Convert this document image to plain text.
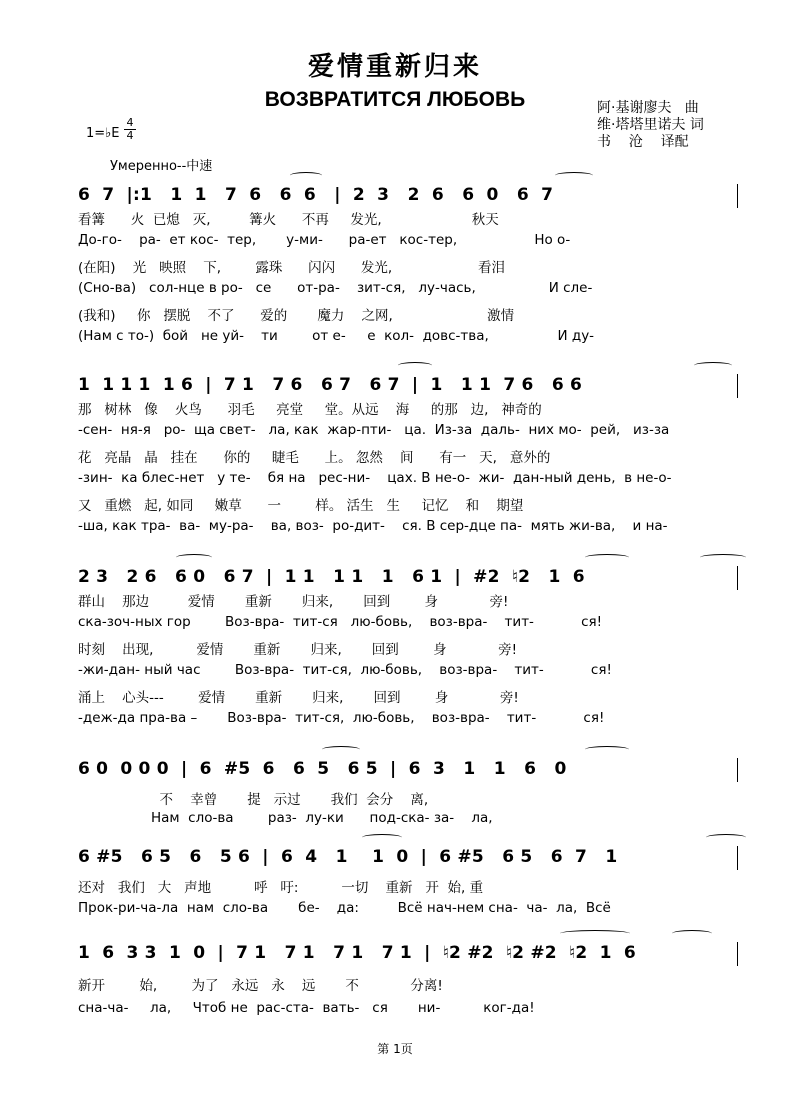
爱情重新归来
ВОЗВРАТИТСЯ ЛЮБОВЬ	阿·基谢廖夫   曲
维·塔塔里诺夫 词
书    沧    译配
1=♭E
4
4
Умеренно--中速
6  7  |:1   1  1   7  6   6  6   |  2  3   2  6   6  0   6  7
看篝      火  已熄   灭,         篝火      不再     发光,                     秋天
До-го-    ра-  ет кос-  тер,       у-ми-      ра-ет   кос-тер,                  Но о-
(在阳)    光   映照    下,        露珠      闪闪      发光,                    看泪
(Сно-ва)   сол-нце в ро-   се      от-ра-    зит-ся,   лу-чась,                 И сле-
(我和)     你   摆脱    不了      爱的       魔力    之网,                      激情
(Нам с то-)  бой   не уй-    ти        от е-     е  кол-  довс-тва,                И ду-
1  1 1 1  1 6  |  7 1   7 6   6 7   6 7  |  1   1 1  7 6   6 6
那   树林   像    火鸟      羽毛     亮堂     堂。从远    海     的那   边,   神奇的
-сен-  ня-я   ро-  ща свет-   ла, как  жар-пти-   ца.  Из-за  даль-  них мо-  рей,   из-за
花   亮晶   晶   挂在      你的     睫毛      上。 忽然    间      有一   天,   意外的
-зин-  ка блес-нет   у те-    бя на   рес-ни-    цах. В не-о-  жи-  дан-ный день,  в не-о-
又   重燃   起, 如同     嫩草      一        样。 活生   生     记忆    和    期望
-ша, как тра-  ва-  му-ра-    ва, воз-  ро-дит-    ся. В сер-дце па-  мять жи-ва,    и на-
2 3   2 6   6 0   6 7  |  1 1   1 1   1   6 1  |  #2  ♮2   1  6
群山    那边         爱情       重新       归来,       回到        身            旁!
ска-зоч-ных гор        Воз-вра-  тит-ся   лю-бовь,    воз-вра-    тит-           ся!
时刻    出现,          爱情       重新       归来,       回到        身            旁!
-жи-дан- ный час        Воз-вра-  тит-ся,  лю-бовь,    воз-вра-    тит-           ся!
涌上    心头---        爱情       重新       归来,       回到        身            旁!
-деж-да пра-ва –       Воз-вра-  тит-ся,  лю-бовь,    воз-вра-    тит-           ся!
6 0  0 0 0  |  6  #5  6   6  5   6 5  |  6  3   1   1   6   0
不    幸曾       提   示过       我们  会分    离,
Нам  сло-ва        раз-  лу-ки      под-ска- за-    ла,
6 #5   6 5   6   5 6  |  6  4   1    1  0  |  6 #5   6 5   6  7   1
还对   我们   大   声地          呼   吁:          一切    重新   开  始, 重
Прок-ри-ча-ла  нам  сло-ва       бе-    да:         Всё нач-нем сна-  ча-  ла,  Всё
1  6  3 3  1  0  |  7 1   7 1   7 1   7 1  |  ♮2 #2  ♮2 #2  ♮2  1  6
新开        始,        为了   永远   永    远       不            分离!
сна-ча-     ла,     Чтоб не  рас-ста-  вать-   ся       ни-          ког-да!
第 1页
